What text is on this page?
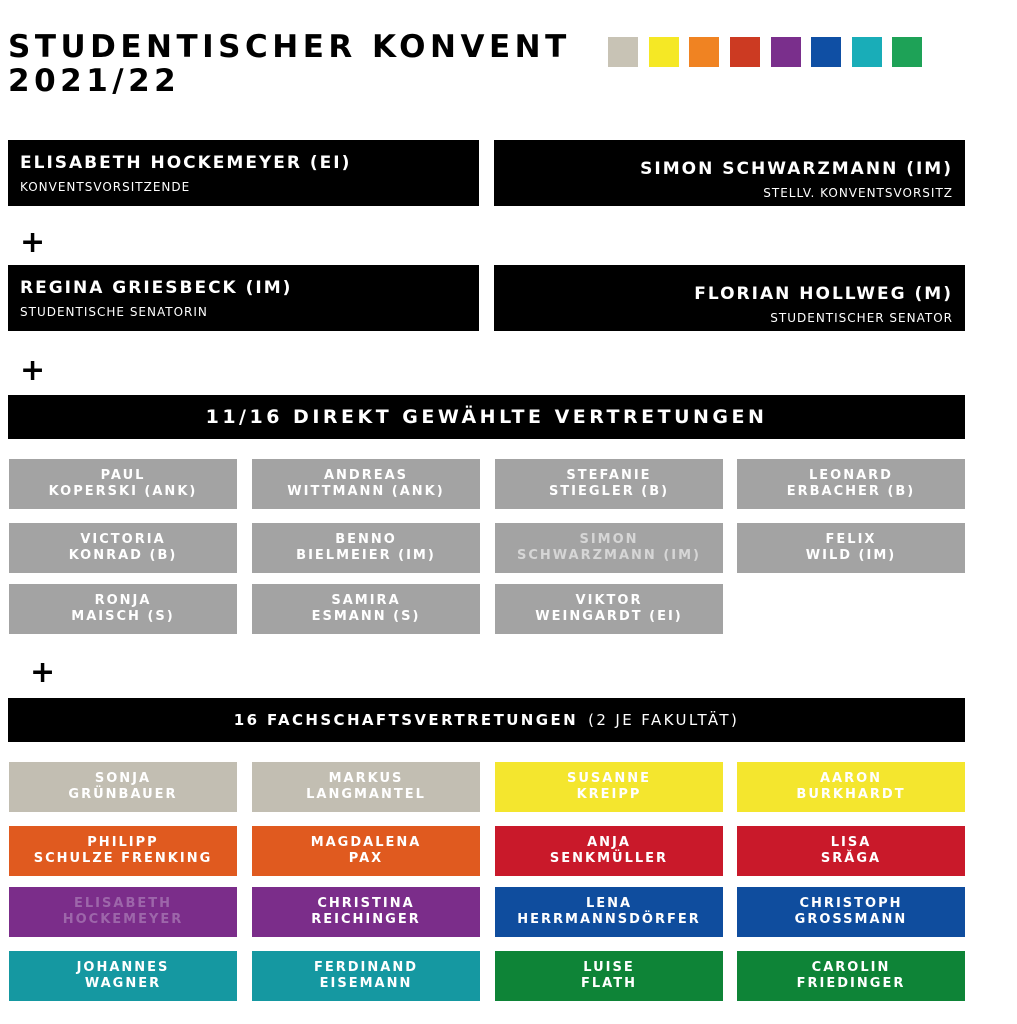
STUDENTISCHER KONVENT
2021/22
ELISABETH HOCKEMEYER (EI)
KONVENTSVORSITZENDE
SIMON SCHWARZMANN (IM)
STELLV. KONVENTSVORSITZ
+
REGINA GRIESBECK (IM)
STUDENTISCHE SENATORIN
FLORIAN HOLLWEG (M)
STUDENTISCHER SENATOR
+
11/16 DIREKT GEWÄHLTE VERTRETUNGEN
PAUL
KOPERSKI (ANK)
ANDREAS
WITTMANN (ANK)
STEFANIE
STIEGLER (B)
LEONARD
ERBACHER (B)
VICTORIA
KONRAD (B)
BENNO
BIELMEIER (IM)
SIMON
SCHWARZMANN (IM)
FELIX
WILD (IM)
RONJA
MAISCH (S)
SAMIRA
ESMANN (S)
VIKTOR
WEINGARDT (EI)
+
16 FACHSCHAFTSVERTRETUNGEN (2 JE FAKULTÄT)
SONJA
GRÜNBAUER
MARKUS
LANGMANTEL
SUSANNE
KREIPP
AARON
BURKHARDT
PHILIPP
SCHULZE FRENKING
MAGDALENA
PAX
ANJA
SENKMÜLLER
LISA
SRĂGA
ELISABETH
HOCKEMEYER
CHRISTINA
REICHINGER
LENA
HERRMANNSDÖRFER
CHRISTOPH
GROSSMANN
JOHANNES
WAGNER
FERDINAND
EISEMANN
LUISE
FLATH
CAROLIN
FRIEDINGER
